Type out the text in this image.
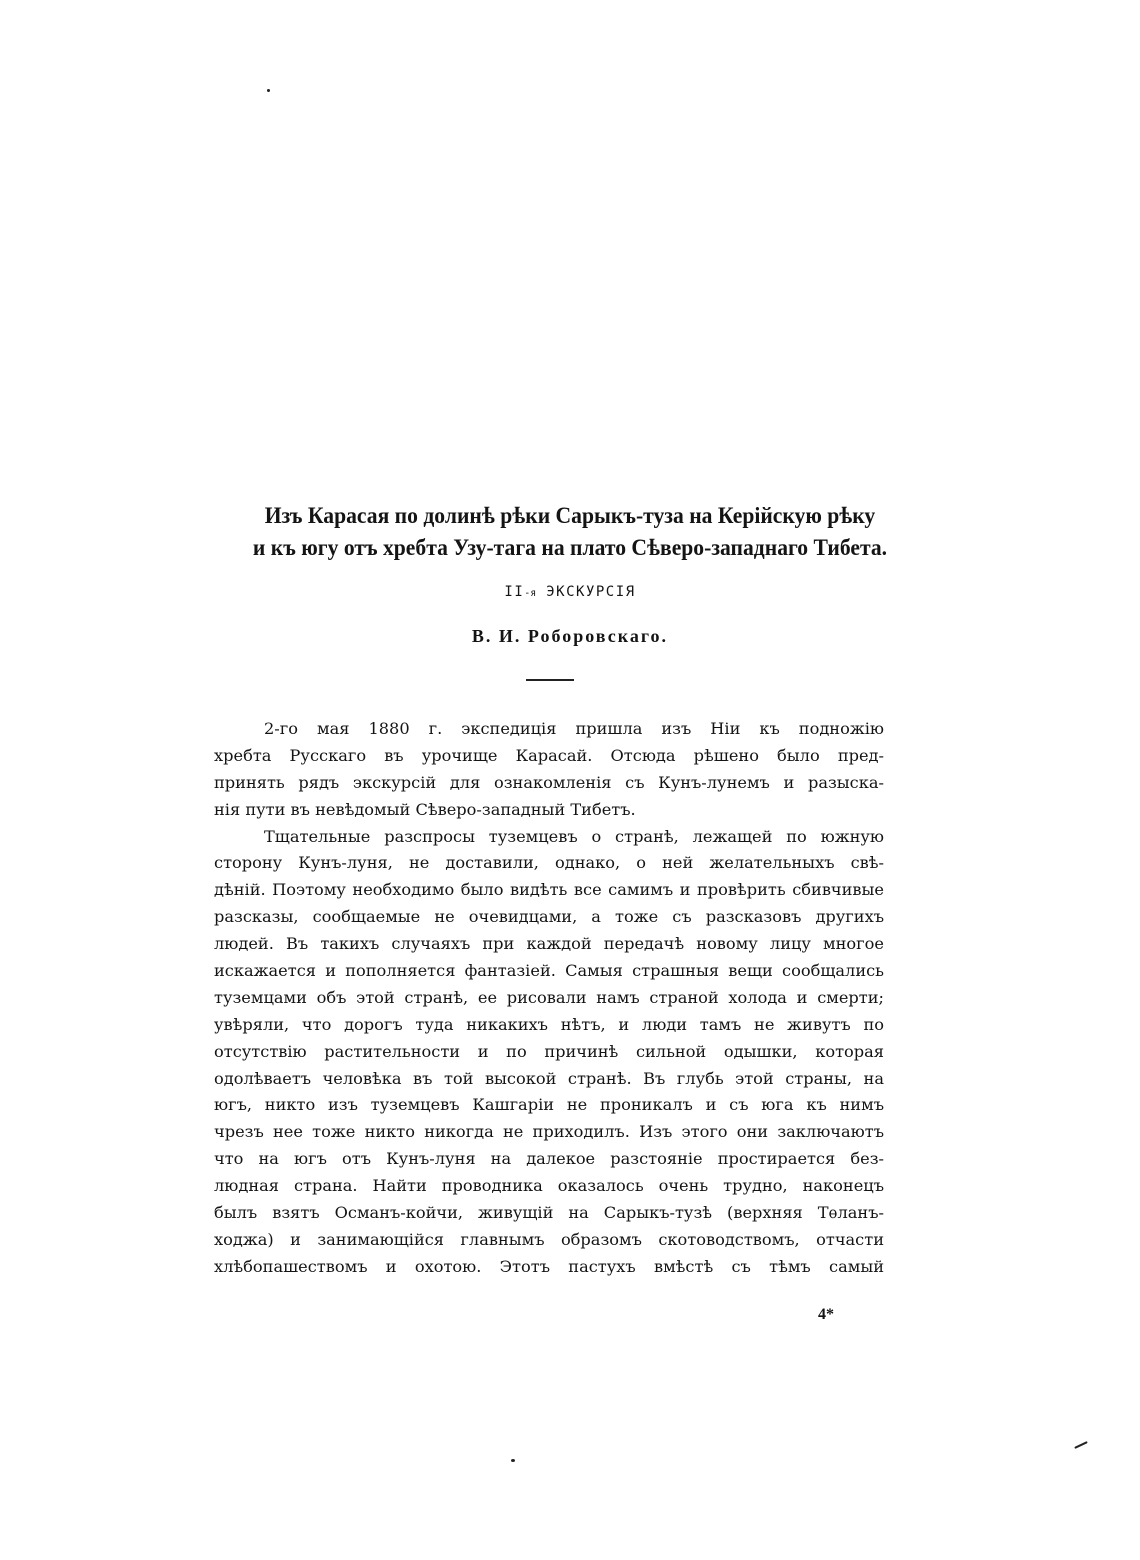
Изъ Карасая по долинѣ рѣки Сарыкъ-туза на Керійскую рѣку
и къ югу отъ хребта Узу-тага на плато Сѣверо-западнаго Тибета.
II-я ЭКСКУРСІЯ
В. И. Роборовскаго.
2-го мая 1880 г. экспедиція пришла изъ Ніи къ подножію
хребта Русскаго въ урочище Карасай. Отсюда рѣшено было пред-
принять рядъ экскурсій для ознакомленія съ Кунъ-лунемъ и разыска-
нія пути въ невѣдомый Сѣверо-западный Тибетъ.
Тщательные разспросы туземцевъ о странѣ, лежащей по южную
сторону Кунъ-луня, не доставили, однако, о ней желательныхъ свѣ-
дѣній. Поэтому необходимо было видѣть все самимъ и провѣрить сбивчивые
разсказы, сообщаемые не очевидцами, а тоже съ разсказовъ другихъ
людей. Въ такихъ случаяхъ при каждой передачѣ новому лицу многое
искажается и пополняется фантазіей. Самыя страшныя вещи сообщались
туземцами объ этой странѣ, ее рисовали намъ страной холода и смерти;
увѣряли, что дорогъ туда никакихъ нѣтъ, и люди тамъ не живутъ по
отсутствію растительности и по причинѣ сильной одышки, которая
одолѣваетъ человѣка въ той высокой странѣ. Въ глубь этой страны, на
югъ, никто изъ туземцевъ Кашгаріи не проникалъ и съ юга къ нимъ
чрезъ нее тоже никто никогда не приходилъ. Изъ этого они заключаютъ
что на югъ отъ Кунъ-луня на далекое разстояніе простирается без-
людная страна. Найти проводника оказалось очень трудно, наконецъ
былъ взятъ Османъ-койчи, живущій на Сарыкъ-тузѣ (верхняя Тѳланъ-
ходжа) и занимающійся главнымъ образомъ скотоводствомъ, отчасти
хлѣбопашествомъ и охотою. Этотъ пастухъ вмѣстѣ съ тѣмъ самый
4*
